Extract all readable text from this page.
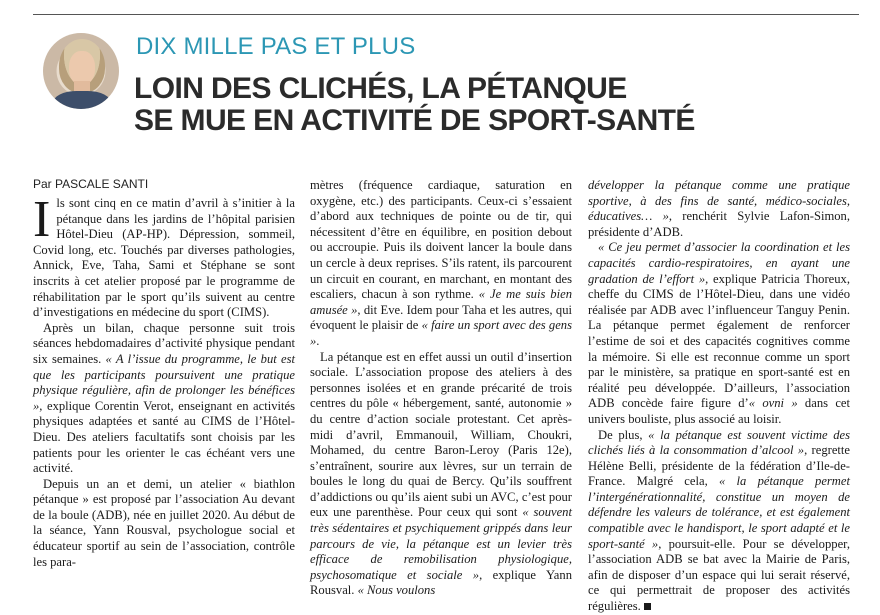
DIX MILLE PAS ET PLUS
LOIN DES CLICHÉS, LA PÉTANQUE
SE MUE EN ACTIVITÉ DE SPORT-SANTÉ
Par PASCALE SANTI

Ils sont cinq en ce matin d’avril à s’initier à la pétanque dans les jardins de l’hôpital parisien Hôtel-Dieu (AP-HP). Dépression, sommeil, Covid long, etc. Touchés par diverses pathologies, Annick, Eve, Taha, Sami et Stéphane se sont inscrits à cet atelier proposé par le programme de réhabilitation par le sport qu’ils suivent au centre d’investigations en médecine du sport (CIMS).

Après un bilan, chaque personne suit trois séances hebdomadaires d’activité physique pendant six semaines. « A l’issue du programme, le but est que les participants poursuivent une pratique physique régulière, afin de prolonger les bénéfices », explique Corentin Verot, enseignant en activités physiques adaptées et santé au CIMS de l’Hôtel-Dieu. Des ateliers facultatifs sont choisis par les patients pour les orienter le cas échéant vers une activité.

Depuis un an et demi, un atelier « biathlon pétanque » est proposé par l’association Au devant de la boule (ADB), née en juillet 2020. Au début de la séance, Yann Rousval, psychologue social et éducateur sportif au sein de l’association, contrôle les para-

mètres (fréquence cardiaque, saturation en oxygène, etc.) des participants. Ceux-ci s’essaient d’abord aux techniques de pointe ou de tir, qui nécessitent d’être en équilibre, en position debout ou accroupie. Puis ils doivent lancer la boule dans un cercle à deux reprises. S’ils ratent, ils parcourent un circuit en courant, en marchant, en montant des escaliers, chacun à son rythme. « Je me suis bien amusée », dit Eve. Idem pour Taha et les autres, qui évoquent le plaisir de « faire un sport avec des gens ».

La pétanque est en effet aussi un outil d’insertion sociale. L’association propose des ateliers à des personnes isolées et en grande précarité de trois centres du pôle « hébergement, santé, autonomie » du centre d’action sociale protestant. Cet après-midi d’avril, Emmanouil, William, Choukri, Mohamed, du centre Baron-Leroy (Paris 12e), s’entraînent, sourire aux lèvres, sur un terrain de boules le long du quai de Bercy. Qu’ils souffrent d’addictions ou qu’ils aient subi un AVC, c’est pour eux une parenthèse. Pour ceux qui sont « souvent très sédentaires et psychiquement grippés dans leur parcours de vie, la pétanque est un levier très efficace de remobilisation physiologique, psychosomatique et sociale », explique Yann Rousval. « Nous voulons

développer la pétanque comme une pratique sportive, à des fins de santé, médico-sociales, éducatives… », renchérit Sylvie Lafon-Simon, présidente d’ADB.

« Ce jeu permet d’associer la coordination et les capacités cardio-respiratoires, en ayant une gradation de l’effort », explique Patricia Thoreux, cheffe du CIMS de l’Hôtel-Dieu, dans une vidéo réalisée par ADB avec l’influenceur Tanguy Penin. La pétanque permet également de renforcer l’estime de soi et des capacités cognitives comme la mémoire. Si elle est reconnue comme un sport par le ministère, sa pratique en sport-santé est en réalité peu développée. D’ailleurs, l’association ADB concède faire figure d’« ovni » dans cet univers bouliste, plus associé au loisir.

De plus, « la pétanque est souvent victime des clichés liés à la consommation d’alcool », regrette Hélène Belli, présidente de la fédération d’Ile-de-France. Malgré cela, « la pétanque permet l’intergénérationnalité, constitue un moyen de défendre les valeurs de tolérance, et est également compatible avec le handisport, le sport adapté et le sport-santé », poursuit-elle. Pour se développer, l’association ADB se bat avec la Mairie de Paris, afin de disposer d’un espace qui lui serait réservé, ce qui permettrait de proposer des activités régulières.
